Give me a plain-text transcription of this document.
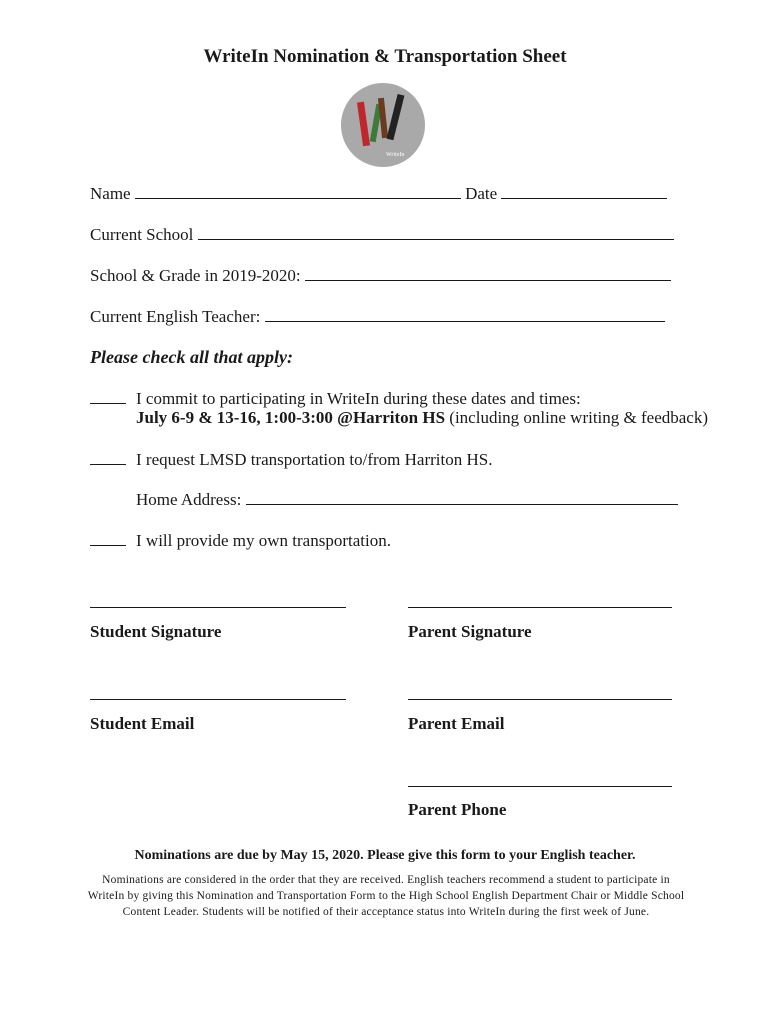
WriteIn Nomination & Transportation Sheet
WriteIn
Name	Date
Current School
School & Grade in 2019-2020:
Current English Teacher:
Please check all that apply:
I commit to participating in WriteIn during these dates and times:
July 6-9 & 13-16, 1:00-3:00 @Harriton HS (including online writing & feedback)
I request LMSD transportation to/from Harriton HS.
Home Address:
I will provide my own transportation.
Student Signature	Parent Signature
Student Email	Parent Email
Parent Phone
Nominations are due by May 15, 2020. Please give this form to your English teacher.
Nominations are considered in the order that they are received. English teachers recommend a student to participate in WriteIn by giving this Nomination and Transportation Form to the High School English Department Chair or Middle School Content Leader. Students will be notified of their acceptance status into WriteIn during the first week of June.
